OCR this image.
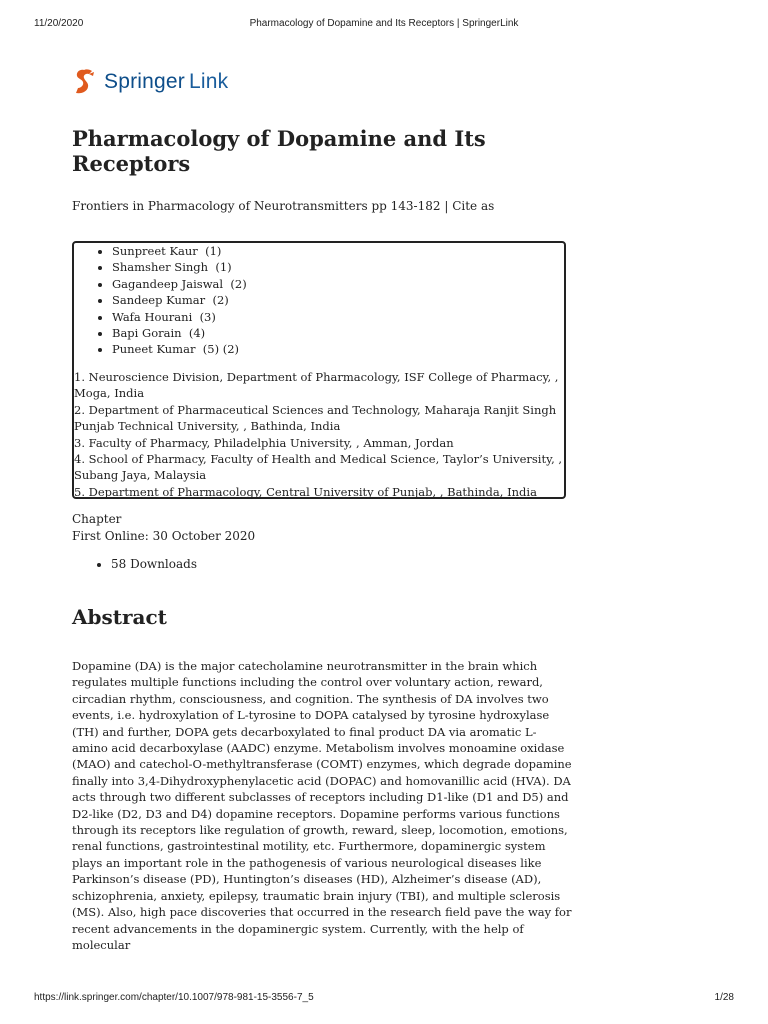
11/20/2020	Pharmacology of Dopamine and Its Receptors | SpringerLink
Springer Link
Pharmacology of Dopamine and Its Receptors

Frontiers in Pharmacology of Neurotransmitters pp 143-182 | Cite as

• Sunpreet Kaur (1)
• Shamsher Singh (1)
• Gagandeep Jaiswal (2)
• Sandeep Kumar (2)
• Wafa Hourani (3)
• Bapi Gorain (4)
• Puneet Kumar (5) (2)
1. Neuroscience Division, Department of Pharmacology, ISF College of Pharmacy, , Moga, India
2. Department of Pharmaceutical Sciences and Technology, Maharaja Ranjit Singh Punjab Technical University, , Bathinda, India
3. Faculty of Pharmacy, Philadelphia University, , Amman, Jordan
4. School of Pharmacy, Faculty of Health and Medical Science, Taylor’s University, , Subang Jaya, Malaysia
5. Department of Pharmacology, Central University of Punjab, , Bathinda, India
Chapter
First Online: 30 October 2020
• 58 Downloads
Abstract

Dopamine (DA) is the major catecholamine neurotransmitter in the brain which regulates multiple functions including the control over voluntary action, reward, circadian rhythm, consciousness, and cognition. The synthesis of DA involves two events, i.e. hydroxylation of L-tyrosine to DOPA catalysed by tyrosine hydroxylase (TH) and further, DOPA gets decarboxylated to final product DA via aromatic L-amino acid decarboxylase (AADC) enzyme. Metabolism involves monoamine oxidase (MAO) and catechol-O-methyltransferase (COMT) enzymes, which degrade dopamine finally into 3,4-Dihydroxyphenylacetic acid (DOPAC) and homovanillic acid (HVA). DA acts through two different subclasses of receptors including D1-like (D1 and D5) and D2-like (D2, D3 and D4) dopamine receptors. Dopamine performs various functions through its receptors like regulation of growth, reward, sleep, locomotion, emotions, renal functions, gastrointestinal motility, etc. Furthermore, dopaminergic system plays an important role in the pathogenesis of various neurological diseases like Parkinson’s disease (PD), Huntington’s diseases (HD), Alzheimer’s disease (AD), schizophrenia, anxiety, epilepsy, traumatic brain injury (TBI), and multiple sclerosis (MS). Also, high pace discoveries that occurred in the research field pave the way for recent advancements in the dopaminergic system. Currently, with the help of molecular

https://link.springer.com/chapter/10.1007/978-981-15-3556-7_5	1/28
